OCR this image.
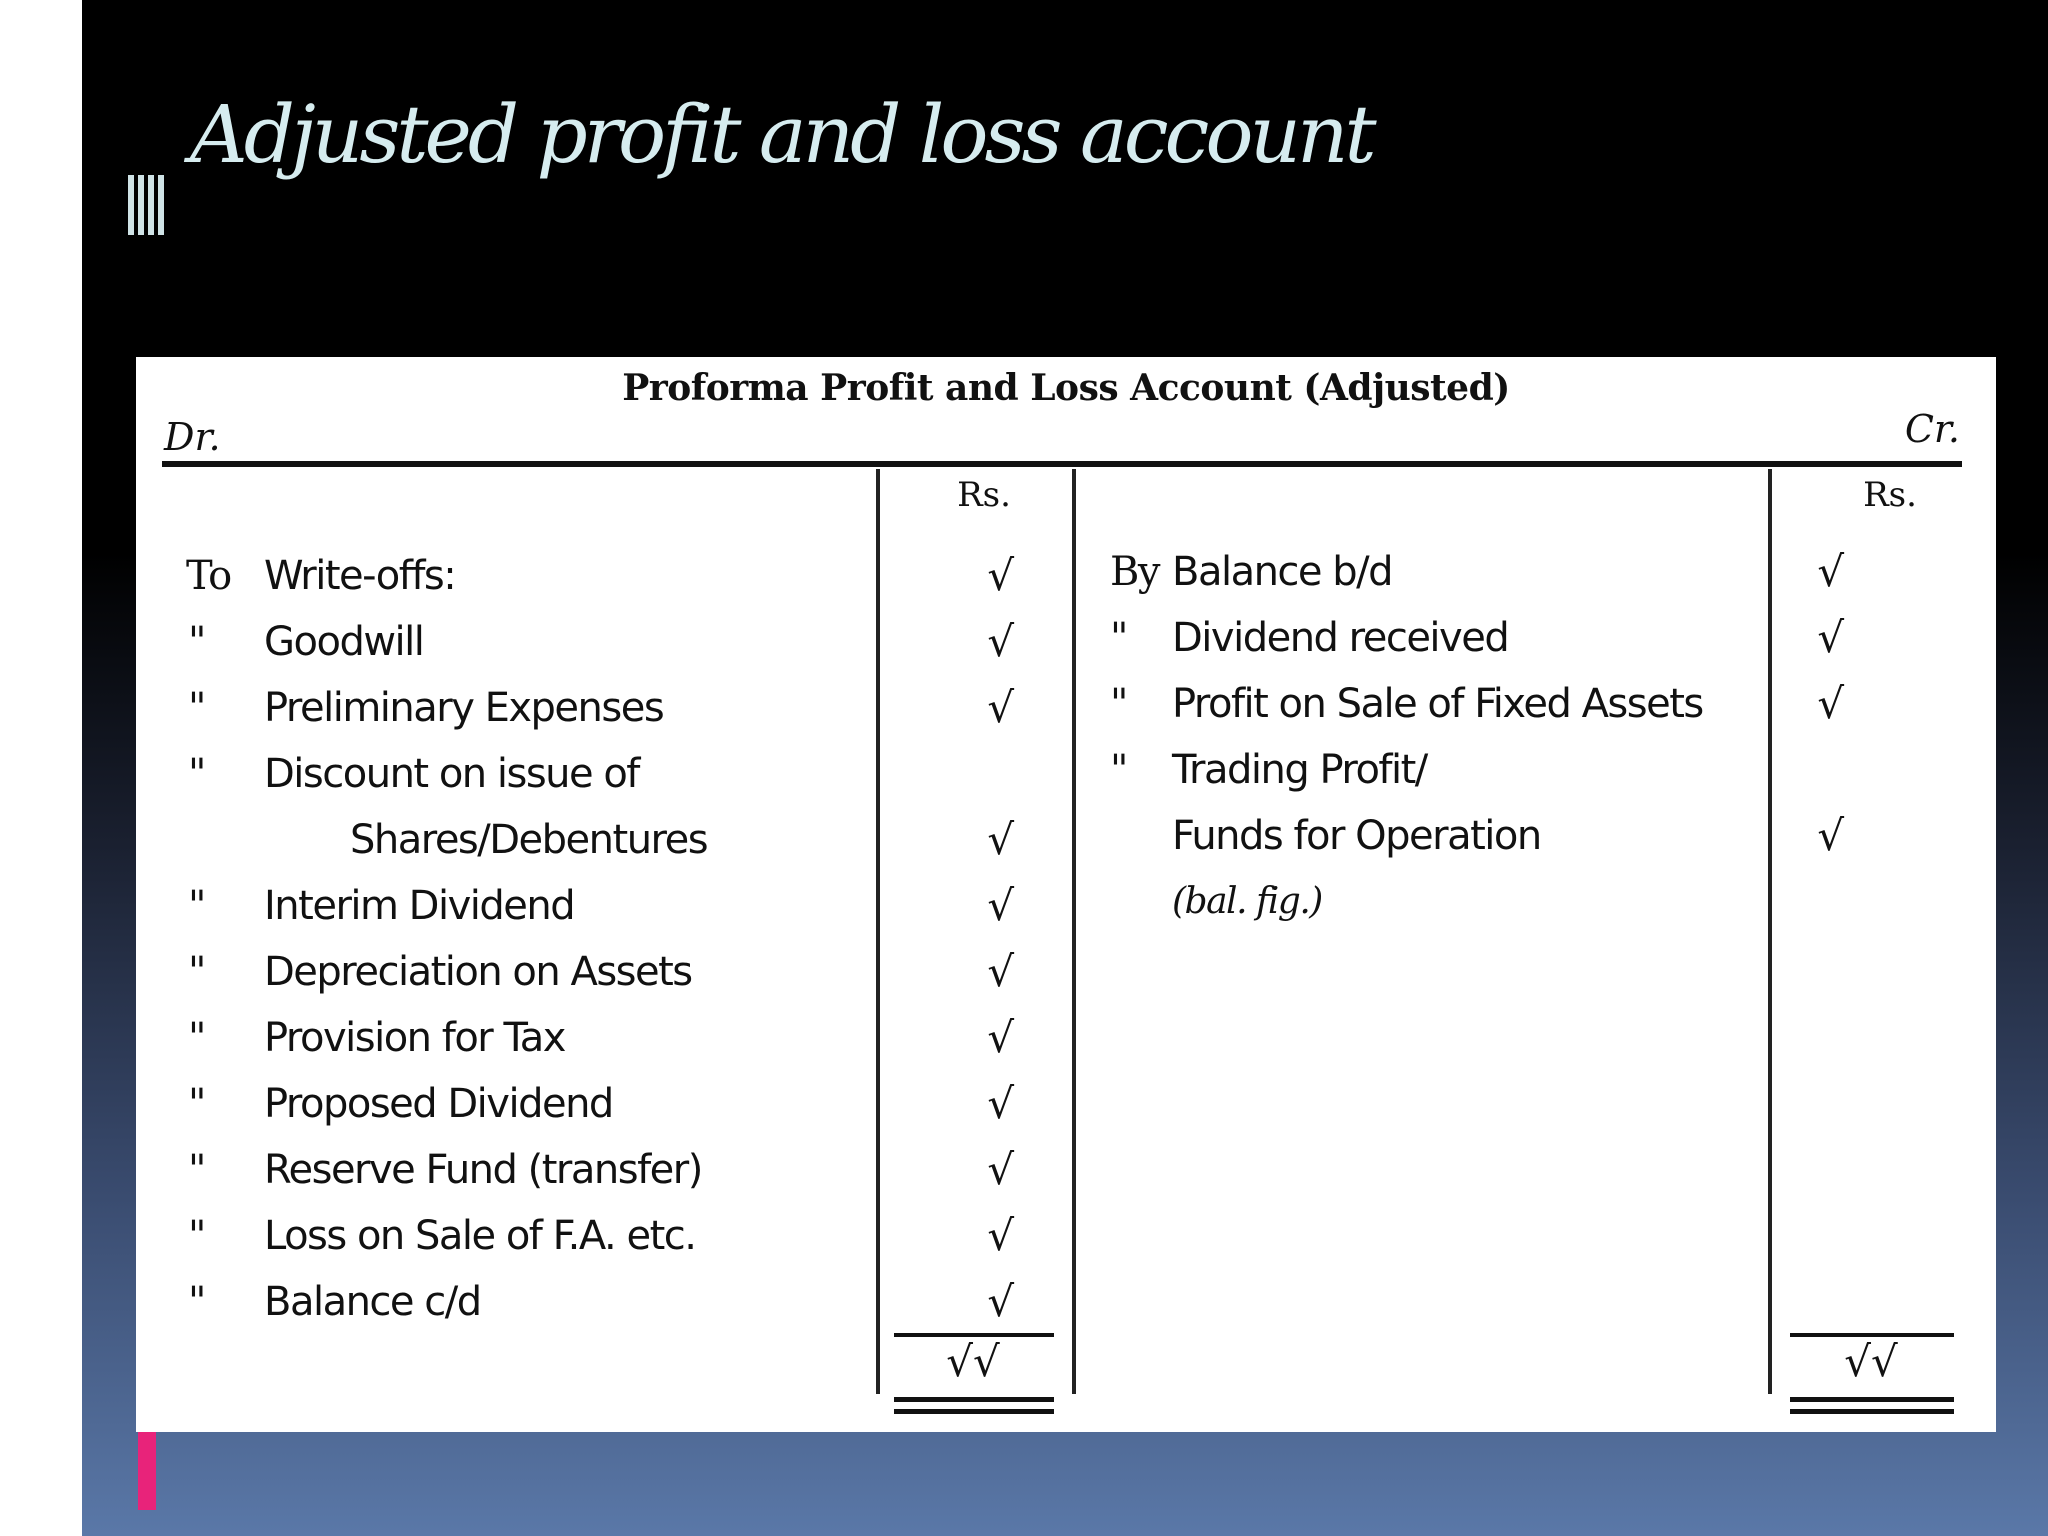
Adjusted profit and loss account
Proforma Profit and Loss Account (Adjusted)
Dr.	Cr.
Rs.	Rs.
To Write-offs:	√
" Goodwill	√
" Preliminary Expenses	√
" Discount on issue of
Shares/Debentures	√
" Interim Dividend	√
" Depreciation on Assets	√
" Provision for Tax	√
" Proposed Dividend	√
" Reserve Fund (transfer)	√
" Loss on Sale of F.A. etc.	√
" Balance c/d	√
By Balance b/d	√
" Dividend received	√
" Profit on Sale of Fixed Assets	√
" Trading Profit/
Funds for Operation	√
(bal. fig.)
√√	√√
